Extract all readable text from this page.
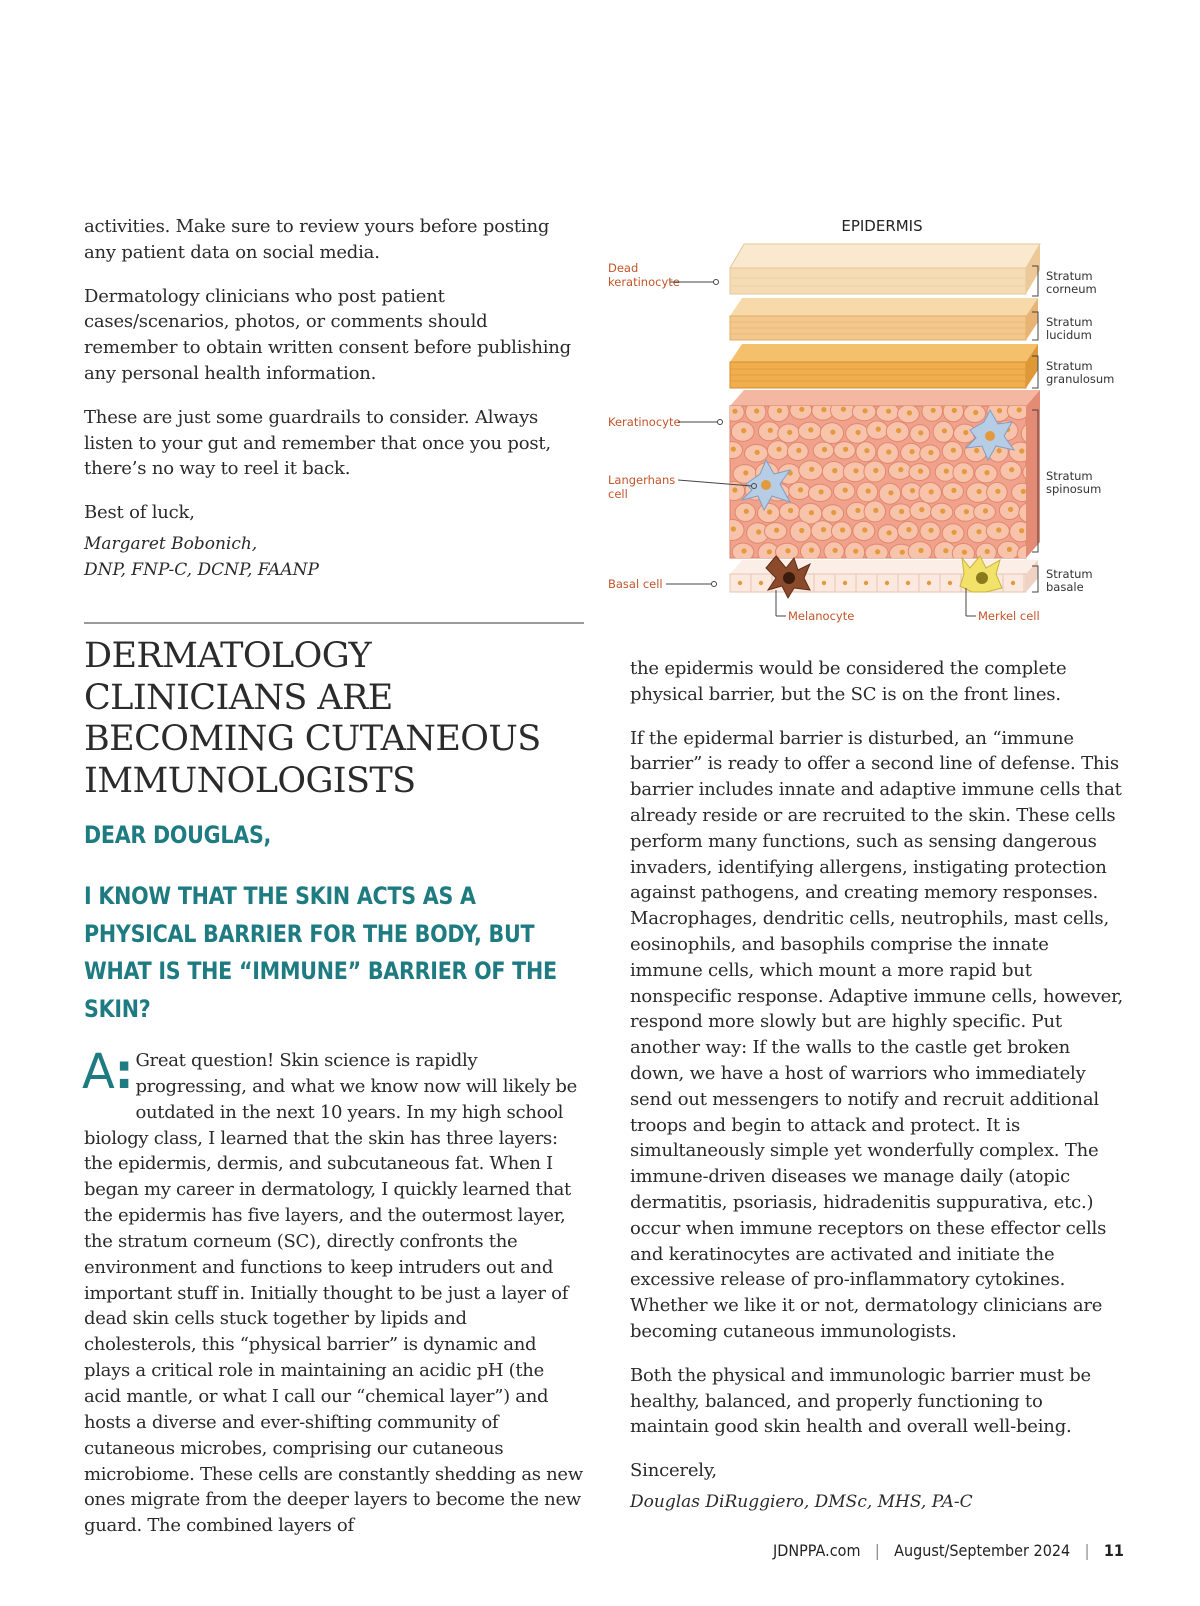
activities. Make sure to review yours before posting any patient data on social media.

Dermatology clinicians who post patient cases/scenarios, photos, or comments should remember to obtain written consent before publishing any personal health information.

These are just some guardrails to consider. Always listen to your gut and remember that once you post, there’s no way to reel it back.

Best of luck,

Margaret Bobonich,

DNP, FNP-C, DCNP, FAANP

DERMATOLOGY CLINICIANS ARE BECOMING CUTANEOUS IMMUNOLOGISTS
DEAR DOUGLAS,
I KNOW THAT THE SKIN ACTS AS A PHYSICAL BARRIER FOR THE BODY, BUT WHAT IS THE “IMMUNE” BARRIER OF THE SKIN?

A: Great question! Skin science is rapidly progressing, and what we know now will likely be outdated in the next 10 years. In my high school biology class, I learned that the skin has three layers: the epidermis, dermis, and subcutaneous fat. When I began my career in dermatology, I quickly learned that the epidermis has five layers, and the outermost layer, the stratum corneum (SC), directly confronts the environment and functions to keep intruders out and important stuff in. Initially thought to be just a layer of dead skin cells stuck together by lipids and cholesterols, this “physical barrier” is dynamic and plays a critical role in maintaining an acidic pH (the acid mantle, or what I call our “chemical layer”) and hosts a diverse and ever-shifting community of cutaneous microbes, comprising our cutaneous microbiome. These cells are constantly shedding as new ones migrate from the deeper layers to become the new guard. The combined layers of

EPIDERMIS
Dead
keratinocyte
Keratinocyte
Langerhans
cell
Basal cell
Melanocyte	Merkel cell
Stratum
corneum
Stratum
lucidum
Stratum
granulosum
Stratum
spinosum
Stratum
basale

the epidermis would be considered the complete physical barrier, but the SC is on the front lines.

If the epidermal barrier is disturbed, an “immune barrier” is ready to offer a second line of defense. This barrier includes innate and adaptive immune cells that already reside or are recruited to the skin. These cells perform many functions, such as sensing dangerous invaders, identifying allergens, instigating protection against pathogens, and creating memory responses. Macrophages, dendritic cells, neutrophils, mast cells, eosinophils, and basophils comprise the innate immune cells, which mount a more rapid but nonspecific response. Adaptive immune cells, however, respond more slowly but are highly specific. Put another way: If the walls to the castle get broken down, we have a host of warriors who immediately send out messengers to notify and recruit additional troops and begin to attack and protect. It is simultaneously simple yet wonderfully complex. The immune-driven diseases we manage daily (atopic dermatitis, psoriasis, hidradenitis suppurativa, etc.) occur when immune receptors on these effector cells and keratinocytes are activated and initiate the excessive release of pro-inflammatory cytokines. Whether we like it or not, dermatology clinicians are becoming cutaneous immunologists.

Both the physical and immunologic barrier must be healthy, balanced, and properly functioning to maintain good skin health and overall well-being.

Sincerely,

Douglas DiRuggiero, DMSc, MHS, PA-C

JDNPPA.com | August/September 2024 | 11
